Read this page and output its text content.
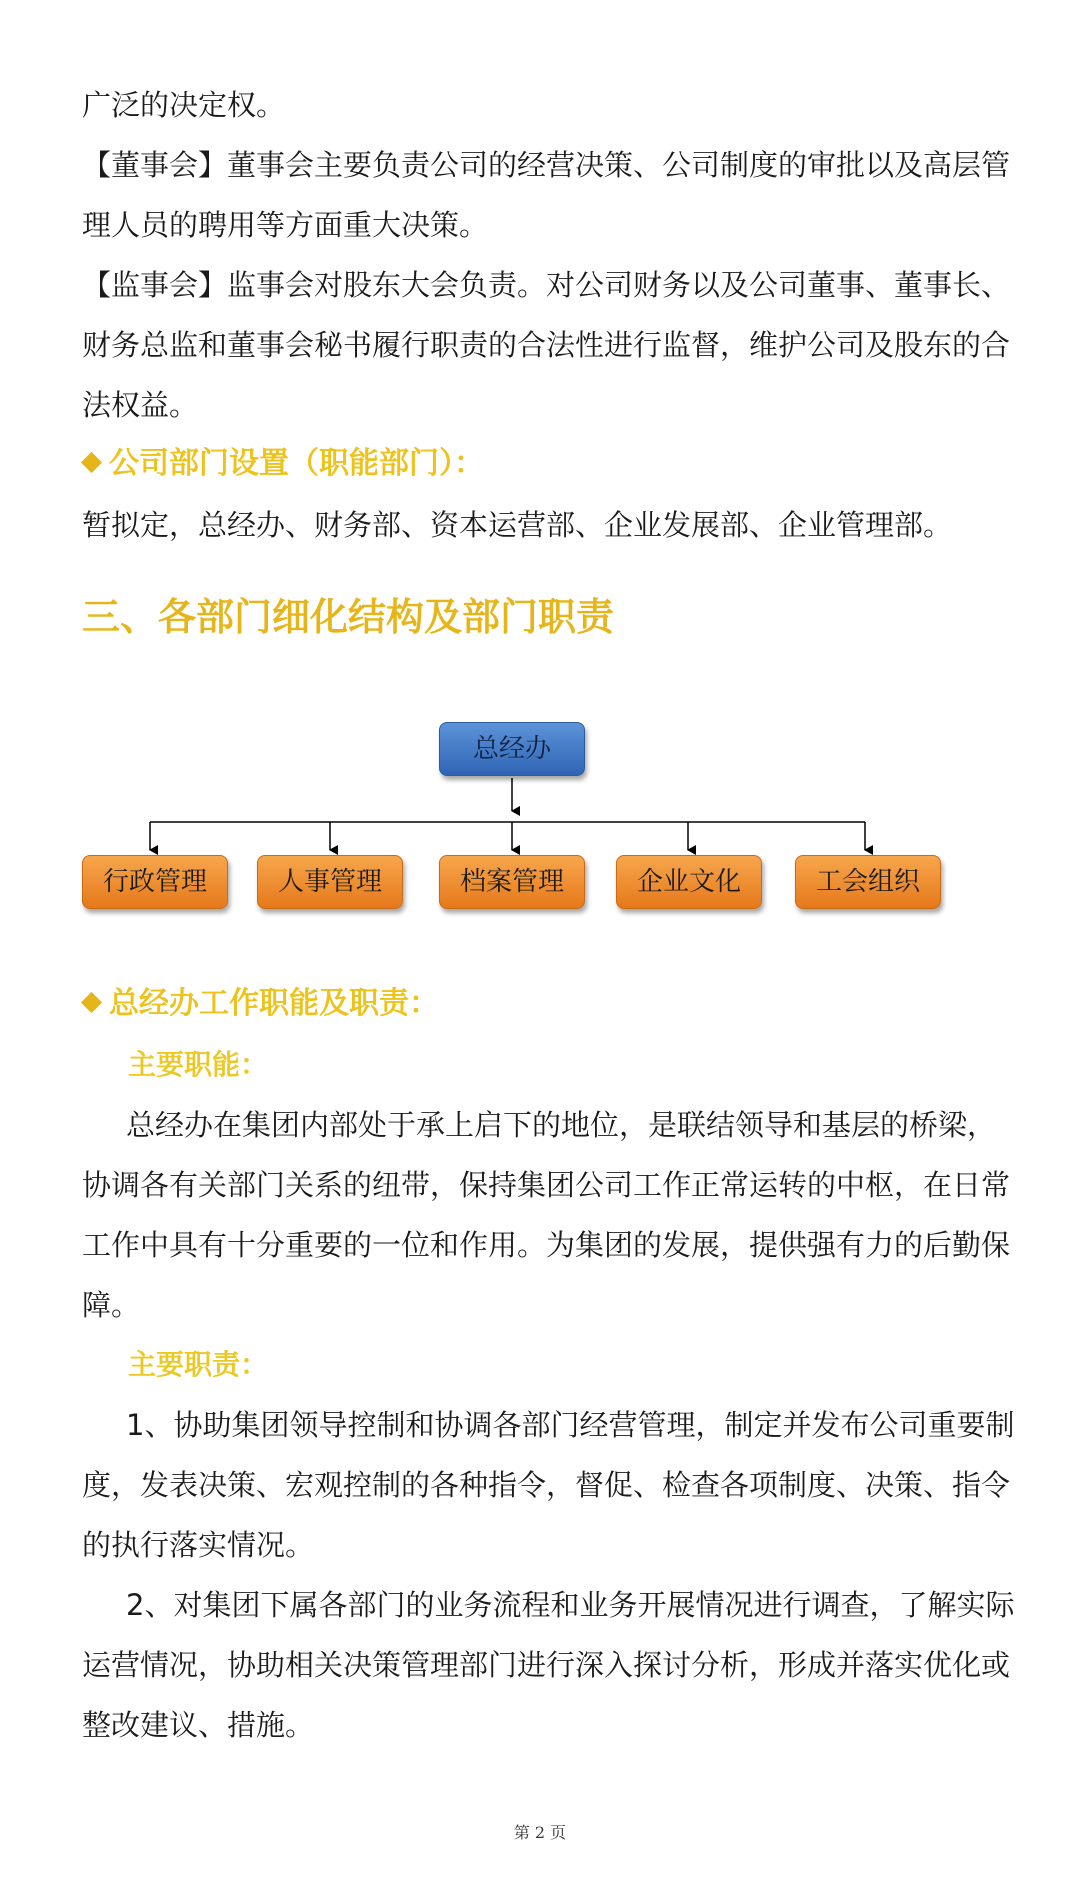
广泛的决定权。
【董事会】董事会主要负责公司的经营决策、公司制度的审批以及高层管
理人员的聘用等方面重大决策。
【监事会】监事会对股东大会负责。对公司财务以及公司董事、董事长、
财务总监和董事会秘书履行职责的合法性进行监督，维护公司及股东的合
法权益。
公司部门设置（职能部门）：
暂拟定，总经办、财务部、资本运营部、企业发展部、企业管理部。
三、各部门细化结构及部门职责
总经办
行政管理	人事管理	档案管理	企业文化	工会组织
总经办工作职能及职责：
主要职能：
总经办在集团内部处于承上启下的地位，是联结领导和基层的桥梁，
协调各有关部门关系的纽带，保持集团公司工作正常运转的中枢，在日常
工作中具有十分重要的一位和作用。为集团的发展，提供强有力的后勤保
障。
主要职责：
1、协助集团领导控制和协调各部门经营管理，制定并发布公司重要制
度，发表决策、宏观控制的各种指令，督促、检查各项制度、决策、指令
的执行落实情况。
2、对集团下属各部门的业务流程和业务开展情况进行调查，了解实际
运营情况，协助相关决策管理部门进行深入探讨分析，形成并落实优化或
整改建议、措施。
第 2 页
